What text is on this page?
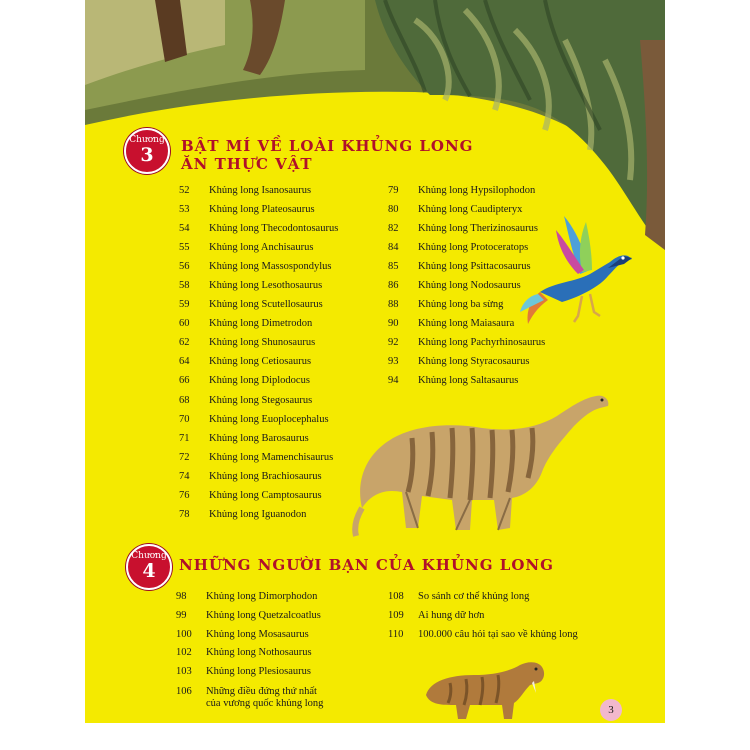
Chương
3	BẬT MÍ VỀ LOÀI KHỦNG LONG
ĂN THỰC VẬT
52	Khủng long Isanosaurus
53	Khủng long Plateosaurus
54	Khủng long Thecodontosaurus
55	Khủng long Anchisaurus
56	Khủng long Massospondylus
58	Khủng long Lesothosaurus
59	Khủng long Scutellosaurus
60	Khủng long Dimetrodon
62	Khủng long Shunosaurus
64	Khủng long Cetiosaurus
66	Khủng long Diplodocus
68	Khủng long Stegosaurus
70	Khủng long Euoplocephalus
71	Khủng long Barosaurus
72	Khủng long Mamenchisaurus
74	Khủng long Brachiosaurus
76	Khủng long Camptosaurus
78	Khủng long Iguanodon
79	Khủng long Hypsilophodon
80	Khủng long Caudipteryx
82	Khủng long Therizinosaurus
84	Khủng long Protoceratops
85	Khủng long Psittacosaurus
86	Khủng long Nodosaurus
88	Khủng long ba sừng
90	Khủng long Maiasaura
92	Khủng long Pachyrhinosaurus
93	Khủng long Styracosaurus
94	Khủng long Saltasaurus
Chương
4	NHỮNG NGƯỜI BẠN CỦA KHỦNG LONG
98	Khủng long Dimorphodon
99	Khủng long Quetzalcoatlus
100	Khủng long Mosasaurus
102	Khủng long Nothosaurus
103	Khủng long Plesiosaurus
106	Những điều đứng thứ nhất
của vương quốc khủng long
108	So sánh cơ thể khủng long
109	Ai hung dữ hơn
110	100.000 câu hỏi tại sao về khủng long
3
